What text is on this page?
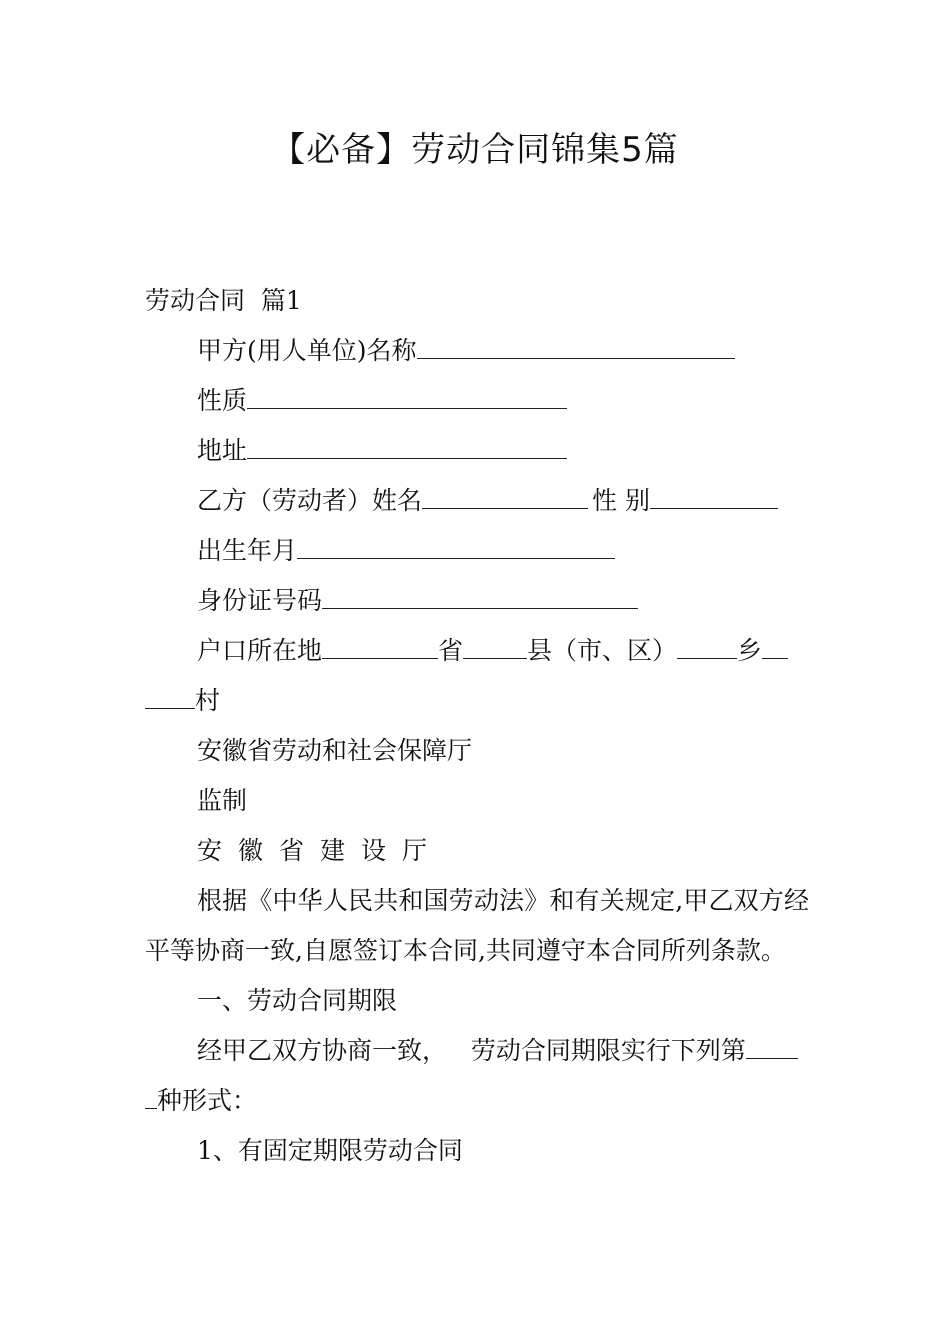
【必备】劳动合同锦集5篇

劳动合同  篇1

甲方(用人单位)名称

性质

地址

乙方（劳动者）姓名	性 别

出生年月

身份证号码

户口所在地	省	县（市、区） 乡

村

安徽省劳动和社会保障厅

监制

安徽省建设厅

根据《中华人民共和国劳动法》和有关规定,甲乙双方经平等协商一致,自愿签订本合同,共同遵守本合同所列条款。

一、劳动合同期限

经甲乙双方协商一致，   劳动合同期限实行下列第

种形式：

1、有固定期限劳动合同
